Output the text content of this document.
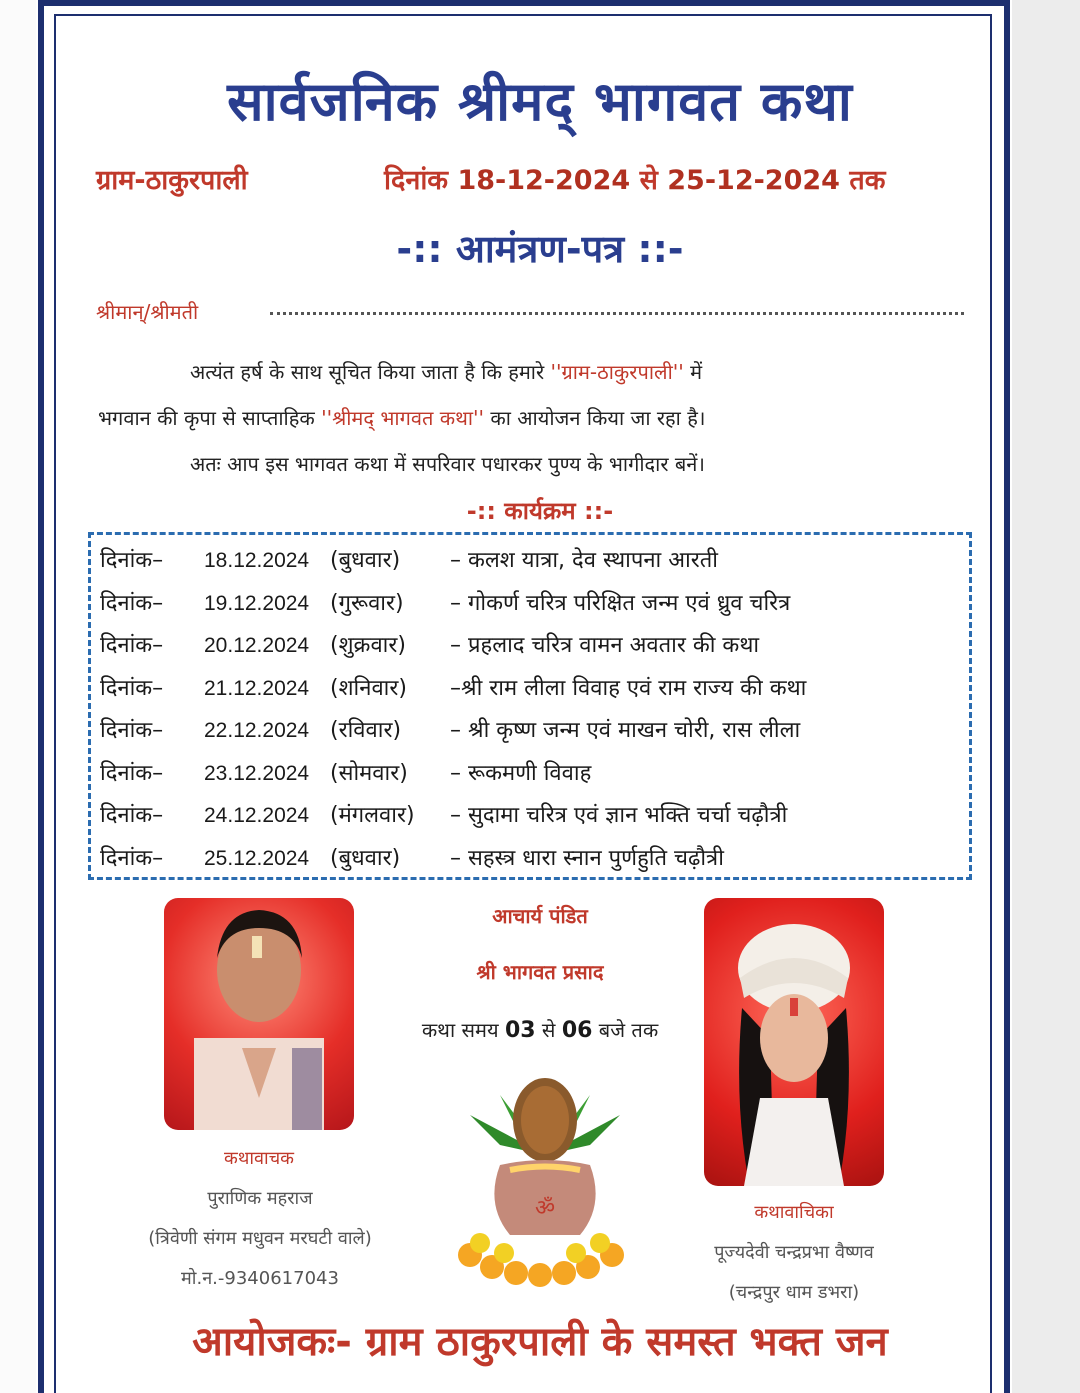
सार्वजनिक श्रीमद् भागवत कथा
ग्राम-ठाकुरपाली	दिनांक 18-12-2024 से 25-12-2024 तक
-:: आमंत्रण-पत्र ::-
श्रीमान्/श्रीमती
अत्यंत हर्ष के साथ सूचित किया जाता है कि हमारे ''ग्राम-ठाकुरपाली'' में
भगवान की कृपा से साप्ताहिक ''श्रीमद् भागवत कथा'' का आयोजन किया जा रहा है।
अतः आप इस भागवत कथा में सपरिवार पधारकर पुण्य के भागीदार बनें।
-:: कार्यक्रम ::-
दिनांक– 18.12.2024 (बुधवार) – कलश यात्रा, देव स्थापना आरती
दिनांक– 19.12.2024 (गुरूवार) – गोकर्ण चरित्र परिक्षित जन्म एवं ध्रुव चरित्र
दिनांक– 20.12.2024 (शुक्रवार) – प्रहलाद चरित्र वामन अवतार की कथा
दिनांक– 21.12.2024 (शनिवार) –श्री राम लीला विवाह एवं राम राज्य की कथा
दिनांक– 22.12.2024 (रविवार) – श्री कृष्ण जन्म एवं माखन चोरी, रास लीला
दिनांक– 23.12.2024 (सोमवार) – रूकमणी विवाह
दिनांक– 24.12.2024 (मंगलवार) – सुदामा चरित्र एवं ज्ञान भक्ति चर्चा चढ़ौत्री
दिनांक– 25.12.2024 (बुधवार) – सहस्त्र धारा स्नान पुर्णहुति चढ़ौत्री
आचार्य पंडित
श्री भागवत प्रसाद
कथा समय 03 से 06 बजे तक
ॐ
कथावाचक
पुराणिक महराज
(त्रिवेणी संगम मधुवन मरघटी वाले)
मो.न.-9340617043
कथावाचिका
पूज्यदेवी चन्द्रप्रभा वैष्णव
(चन्द्रपुर धाम डभरा)
आयोजकः- ग्राम ठाकुरपाली के समस्त भक्त जन
